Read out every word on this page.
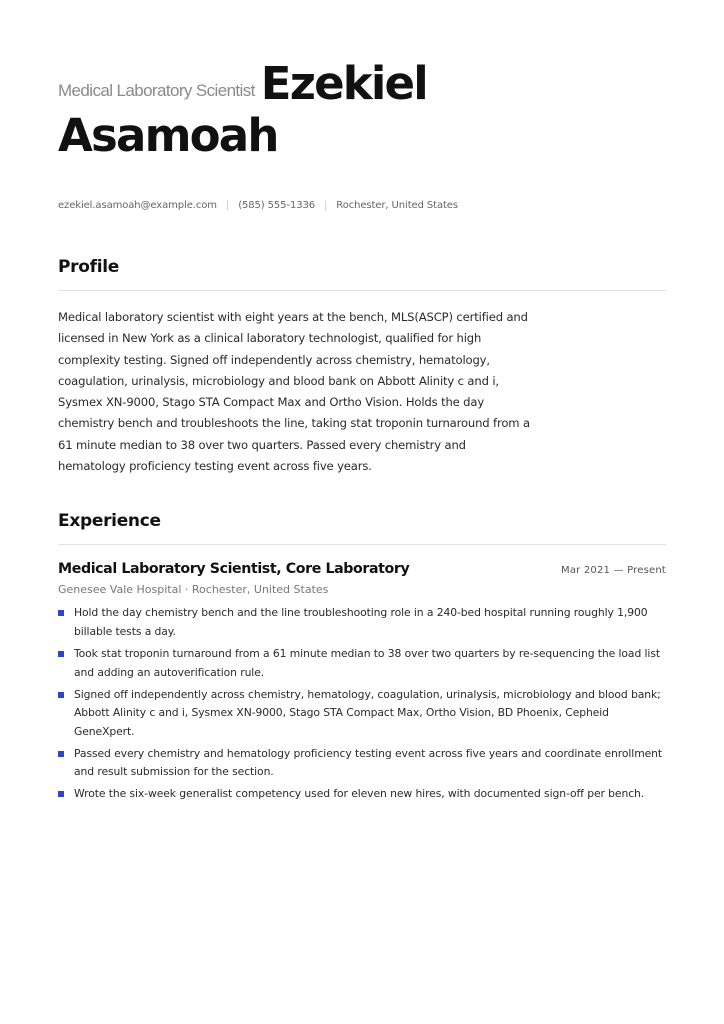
Medical Laboratory Scientist Ezekiel
Asamoah
ezekiel.asamoah@example.com | (585) 555-1336 | Rochester, United States
Profile

Medical laboratory scientist with eight years at the bench, MLS(ASCP) certified and licensed in New York as a clinical laboratory technologist, qualified for high complexity testing. Signed off independently across chemistry, hematology, coagulation, urinalysis, microbiology and blood bank on Abbott Alinity c and i, Sysmex XN-9000, Stago STA Compact Max and Ortho Vision. Holds the day chemistry bench and troubleshoots the line, taking stat troponin turnaround from a 61 minute median to 38 over two quarters. Passed every chemistry and hematology proficiency testing event across five years.

Experience
Medical Laboratory Scientist, Core Laboratory	Mar 2021 — Present
Genesee Vale Hospital · Rochester, United States
Hold the day chemistry bench and the line troubleshooting role in a 240-bed hospital running roughly 1,900 billable tests a day.
Took stat troponin turnaround from a 61 minute median to 38 over two quarters by re-sequencing the load list and adding an autoverification rule.
Signed off independently across chemistry, hematology, coagulation, urinalysis, microbiology and blood bank; Abbott Alinity c and i, Sysmex XN-9000, Stago STA Compact Max, Ortho Vision, BD Phoenix, Cepheid GeneXpert.
Passed every chemistry and hematology proficiency testing event across five years and coordinate enrollment and result submission for the section.
Wrote the six-week generalist competency used for eleven new hires, with documented sign-off per bench.
